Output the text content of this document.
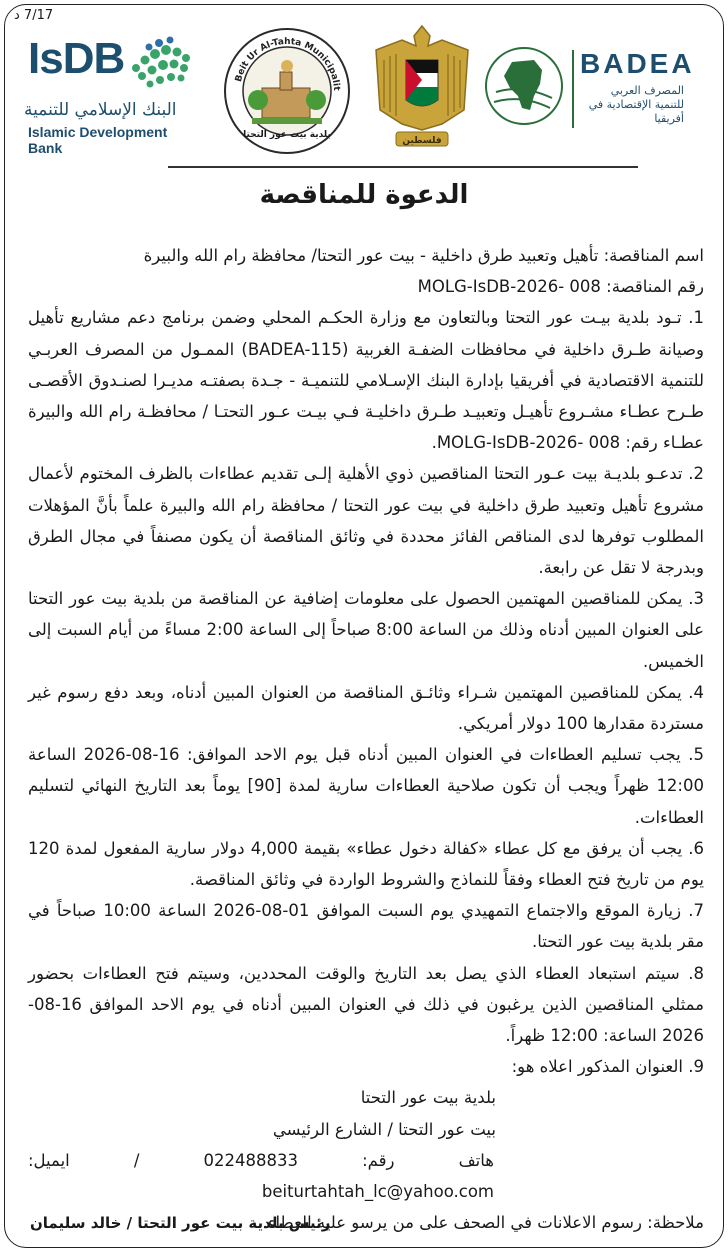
7/17 د
IsDB
البنك الإسلامي للتنمية
Islamic Development Bank
Beit Ur Al-Tahta Municipalit
بلدية بيت عور التحتا
فلسطين
BADEA
المصرف العربي للتنمية الإقتصادية في أفريقيا
الدعوة للمناقصة

اسم المناقصة: تأهيل وتعبيد طرق داخلية - بيت عور التحتا/ محافظة رام الله والبيرة

رقم المناقصة: 008 -MOLG-IsDB-2026

1. تـود بلدية بيـت عور التحتا وبالتعاون مع وزارة الحكـم المحلي وضمن برنامج دعم مشاريع تأهيل وصيانة طـرق داخلية في محافظات الضفـة الغربية (BADEA-115) الممـول من المصرف العربـي للتنمية الاقتصادية في أفريقيا بإدارة البنك الإسـلامي للتنميـة - جـدة بصفتـه مديـرا لصنـدوق الأقصـى طـرح عطـاء مشـروع تأهيـل وتعبيـد طـرق داخليـة فـي بيـت عـور التحتـا / محافظـة رام الله والبيرة عطـاء رقم: 008 -MOLG-IsDB-2026.

2. تدعـو بلديـة بيت عـور التحتا المناقصين ذوي الأهلية إلـى تقديم عطاءات بالظرف المختوم لأعمال مشروع تأهيل وتعبيد طرق داخلية في بيت عور التحتا / محافظة رام الله والبيرة علماً بأنَّ المؤهلات المطلوب توفرها لدى المناقص الفائز محددة في وثائق المناقصة أن يكون مصنفاً في مجال الطرق وبدرجة لا تقل عن رابعة.

3. يمكن للمناقصين المهتمين الحصول على معلومات إضافية عن المناقصة من بلدية بيت عور التحتا على العنوان المبين أدناه وذلك من الساعة 8:00 صباحاً إلى الساعة 2:00 مساءً من أيام السبت إلى الخميس.

4. يمكن للمناقصين المهتمين شـراء وثائـق المناقصة من العنوان المبين أدناه، وبعد دفع رسوم غير مستردة مقدارها 100 دولار أمريكي.

5. يجب تسليم العطاءات في العنوان المبين أدناه قبل يوم الاحد الموافق: 16-08-2026 الساعة 12:00 ظهراً ويجب أن تكون صلاحية العطاءات سارية لمدة [90] يوماً بعد التاريخ النهائي لتسليم العطاءات.

6. يجب أن يرفق مع كل عطاء «كفالة دخول عطاء» بقيمة 4,000 دولار سارية المفعول لمدة 120 يوم من تاريخ فتح العطاء وفقاً للنماذج والشروط الواردة في وثائق المناقصة.

7. زيارة الموقع والاجتماع التمهيدي يوم السبت الموافق 01-08-2026 الساعة 10:00 صباحاً في مقر بلدية بيت عور التحتا.

8. سيتم استبعاد العطاء الذي يصل بعد التاريخ والوقت المحددين، وسيتم فتح العطاءات بحضور ممثلي المناقصين الذين يرغبون في ذلك في العنوان المبين أدناه في يوم الاحد الموافق 16-08-2026 الساعة: 12:00 ظهراً.

9. العنوان المذكور اعلاه هو:

بلدية بيت عور التحتا

بيت عور التحتا / الشارع الرئيسي

هاتف رقم: 022488833 / ايميل: beiturtahtah_lc@yahoo.com

ملاحظة: رسوم الاعلانات في الصحف على من يرسو عليه العطاء.

رئيس بلدية بيت عور التحتا / خالد سليمان
